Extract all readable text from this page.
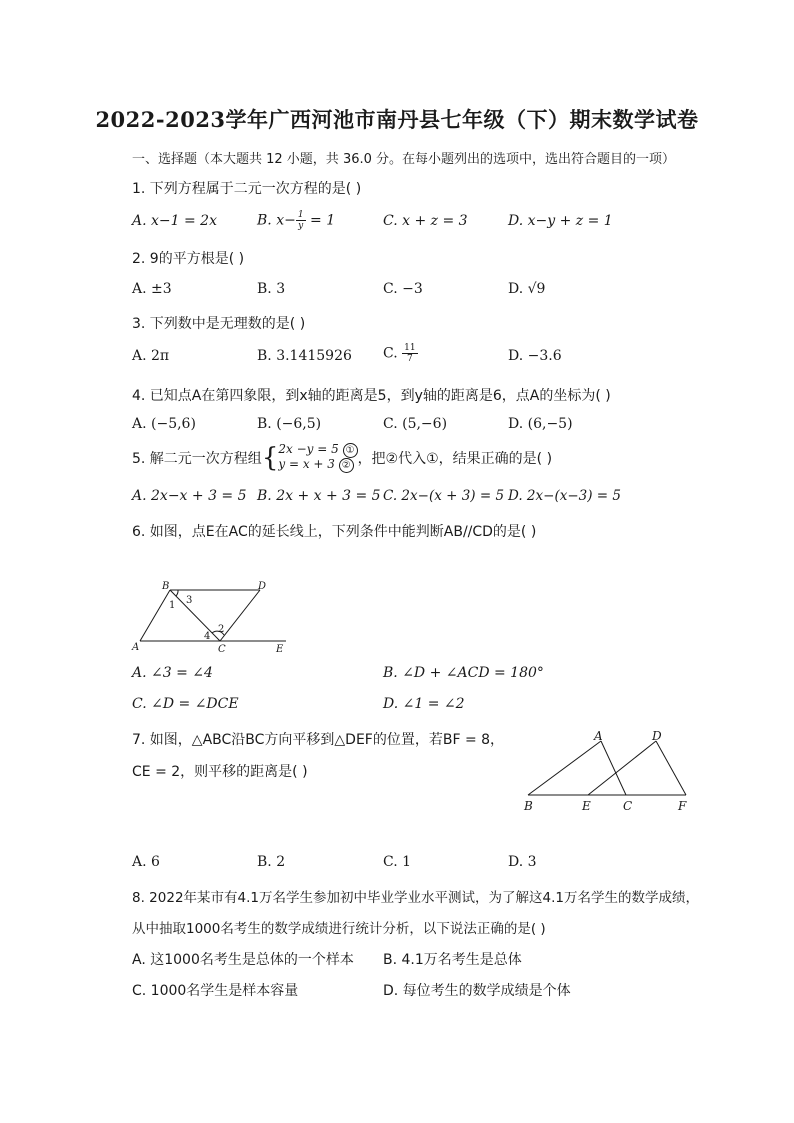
2022-2023学年广西河池市南丹县七年级（下）期末数学试卷
一、选择题（本大题共 12 小题，共 36.0 分。在每小题列出的选项中，选出符合题目的一项）
1. 下列方程属于二元一次方程的是( )
A. x−1 = 2x	B. $x- \frac{1}{y} = 1$	C. x + z = 3	D. x−y + z = 1
2. 9的平方根是( )
A. ±3	B. 3	C. −3	D. √9
3. 下列数中是无理数的是( )
A. 2π	B. 3.1415926 C. $\frac{11}{7}$	D. −3.6
4. 已知点A在第四象限，到x轴的距离是5，到y轴的距离是6，点A的坐标为( )
A. (−5,6)	B. (−6,5)	C. (5,−6)	D. (6,−5)
5. 解二元一次方程组{ 2x −y = 5 ①
y = x + 3 ② ，把②代入①，结果正确的是( )
A. 2x−x + 3 = 5 B. 2x + x + 3 = 5 C. 2x−(x + 3) = 5 D. 2x−(x−3) = 5
6. 如图，点E在AC的延长线上，下列条件中能判断AB//CD的是( )
B	D
1 3
2
4
A	C	E
A. ∠3 = ∠4	B. ∠D + ∠ACD = 180°
C. ∠D = ∠DCE	D. ∠1 = ∠2
7. 如图，△ABC沿BC方向平移到△DEF的位置，若BF = 8，
CE = 2，则平移的距离是( )
A	D
B	E	C	F
A. 6	B. 2	C. 1	D. 3
8. 2022年某市有4.1万名学生参加初中毕业学业水平测试，为了解这4.1万名学生的数学成绩，
从中抽取1000名考生的数学成绩进行统计分析，以下说法正确的是( )
A. 这1000名考生是总体的一个样本 B. 4.1万名考生是总体
C. 1000名学生是样本容量	D. 每位考生的数学成绩是个体
